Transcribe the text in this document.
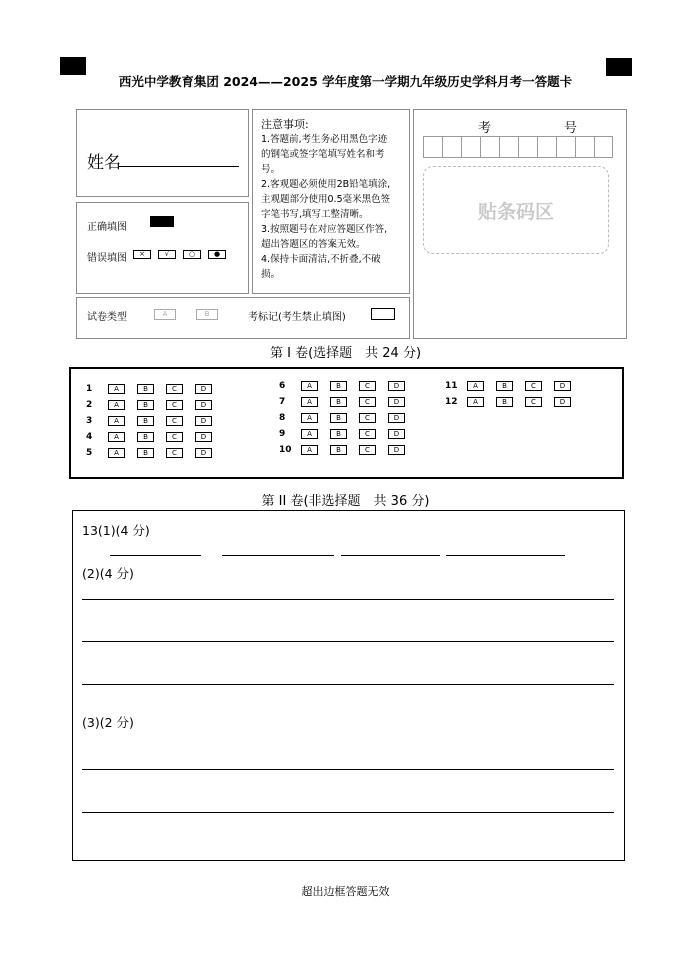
西光中学教育集团 2024——2025 学年度第一学期九年级历史学科月考一答题卡
姓名
正确填图
错误填图	×	√	○	●
注意事项:
1.答题前,考生务必用黑色字迹
的钢笔或签字笔填写姓名和考
号。
2.客观题必须使用2B铅笔填涂,
主观题部分使用0.5毫米黑色签
字笔书写,填写工整清晰。
3.按照题号在对应答题区作答,
超出答题区的答案无效。
4.保持卡面清洁,不折叠,不破
损。
考	号
贴条码区
试卷类型	A	B	考标记(考生禁止填图)
第 I 卷(选择题　共 24 分)
1	A	B	C	D
2	A	B	C	D
3	A	B	C	D
4	A	B	C	D
5	A	B	C	D
6	A	B	C	D
7	A	B	C	D
8	A	B	C	D
9	A	B	C	D
10	A	B	C	D
11	A	B	C	D
12	A	B	C	D
第 II 卷(非选择题　共 36 分)
13(1)(4 分)
(2)(4 分)
(3)(2 分)
超出边框答题无效
